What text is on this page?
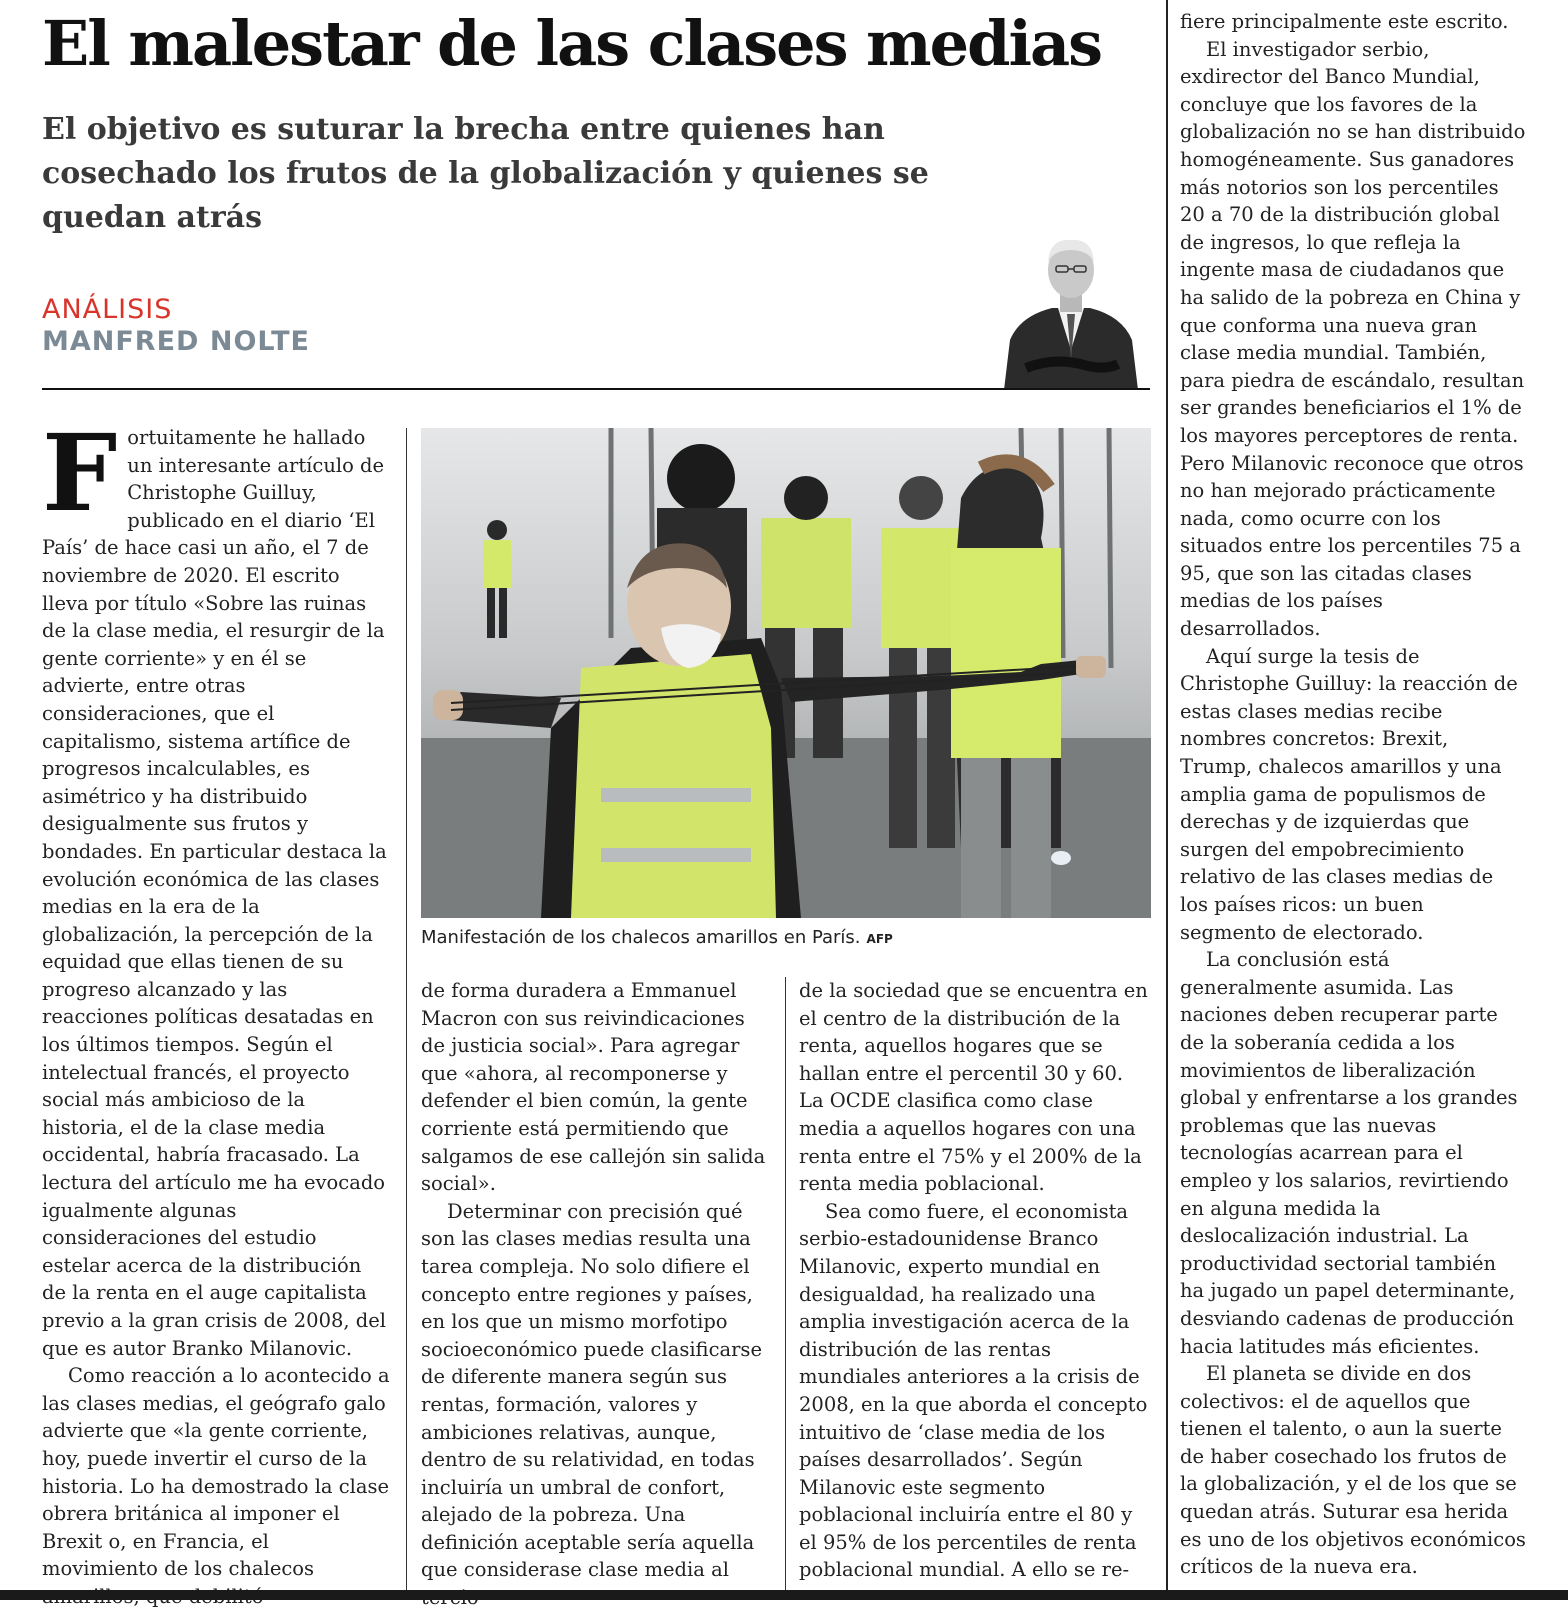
El malestar de las clases medias
El objetivo es suturar la brecha entre quienes han cosechado los frutos de la globalización y quienes se quedan atrás
ANÁLISIS
MANFRED NOLTE

Fortuitamente he hallado un interesante artículo de Christophe Guilluy, publicado en el diario ‘El País’ de hace casi un año, el 7 de noviembre de 2020. El escrito lleva por título «Sobre las ruinas de la clase media, el resurgir de la gente corriente» y en él se advierte, entre otras consideraciones, que el capitalismo, sistema artífice de progresos incalculables, es asimétrico y ha distribuido desigualmente sus frutos y bondades. En particular destaca la evolución económica de las clases medias en la era de la globalización, la percepción de la equidad que ellas tienen de su progreso alcanzado y las reacciones políticas desatadas en los últimos tiempos. Según el intelectual francés, el proyecto social más ambicioso de la historia, el de la clase media occidental, habría fracasado. La lectura del artículo me ha evocado igualmente algunas consideraciones del estudio estelar acerca de la distribución de la renta en el auge capitalista previo a la gran crisis de 2008, del que es autor Branko Milanovic.

Como reacción a lo acontecido a las clases medias, el geógrafo galo advierte que «la gente corriente, hoy, puede invertir el curso de la historia. Lo ha demostrado la clase obrera británica al imponer el Brexit o, en Francia, el movimiento de los chalecos

Manifestación de los chalecos amarillos en París. AFP

de forma duradera a Emmanuel Macron con sus reivindicaciones de justicia social». Para agregar que «ahora, al recomponerse y defender el bien común, la gente corriente está permitiendo que salgamos de ese callejón sin salida social».

Determinar con precisión qué son las clases medias resulta una tarea compleja. No solo difiere el concepto entre regiones y países, en los que un mismo morfotipo socioeconómico puede clasificarse de diferente manera según sus rentas, formación, valores y ambiciones relativas, aunque, dentro de su relatividad, en todas incluiría un umbral de confort, alejado de la pobreza. Una definición aceptable sería aquella que considerase clase media al

de la sociedad que se encuentra en el centro de la distribución de la renta, aquellos hogares que se hallan entre el percentil 30 y 60. La OCDE clasifica como clase media a aquellos hogares con una renta entre el 75% y el 200% de la renta media poblacional.

Sea como fuere, el economista serbio-estadounidense Branco Milanovic, experto mundial en desigualdad, ha realizado una amplia investigación acerca de la distribución de las rentas mundiales anteriores a la crisis de 2008, en la que aborda el concepto intuitivo de ‘clase media de los países desarrollados’. Según Milanovic este segmento poblacional incluiría entre el 80 y el 95% de los percentiles de renta poblacional mundial. A ello se re-

fiere principalmente este escrito.

El investigador serbio, exdirector del Banco Mundial, concluye que los favores de la globalización no se han distribuido homogéneamente. Sus ganadores más notorios son los percentiles 20 a 70 de la distribución global de ingresos, lo que refleja la ingente masa de ciudadanos que ha salido de la pobreza en China y que conforma una nueva gran clase media mundial. También, para piedra de escándalo, resultan ser grandes beneficiarios el 1% de los mayores perceptores de renta. Pero Milanovic reconoce que otros no han mejorado prácticamente nada, como ocurre con los situados entre los percentiles 75 a 95, que son las citadas clases medias de los países desarrollados.

Aquí surge la tesis de Christophe Guilluy: la reacción de estas clases medias recibe nombres concretos: Brexit, Trump, chalecos amarillos y una amplia gama de populismos de derechas y de izquierdas que surgen del empobrecimiento relativo de las clases medias de los países ricos: un buen segmento de electorado.

La conclusión está generalmente asumida. Las naciones deben recuperar parte de la soberanía cedida a los movimientos de liberalización global y enfrentarse a los grandes problemas que las nuevas tecnologías acarrean para el empleo y los salarios, revirtiendo en alguna medida la deslocalización industrial. La productividad sectorial también ha jugado un papel determinante, desviando cadenas de producción hacia latitudes más eficientes.

El planeta se divide en dos colectivos: el de aquellos que tienen el talento, o aun la suerte de haber cosechado los frutos de la globalización, y el de los que se quedan atrás. Suturar esa herida es uno de los objetivos económicos críticos de la nueva era.
